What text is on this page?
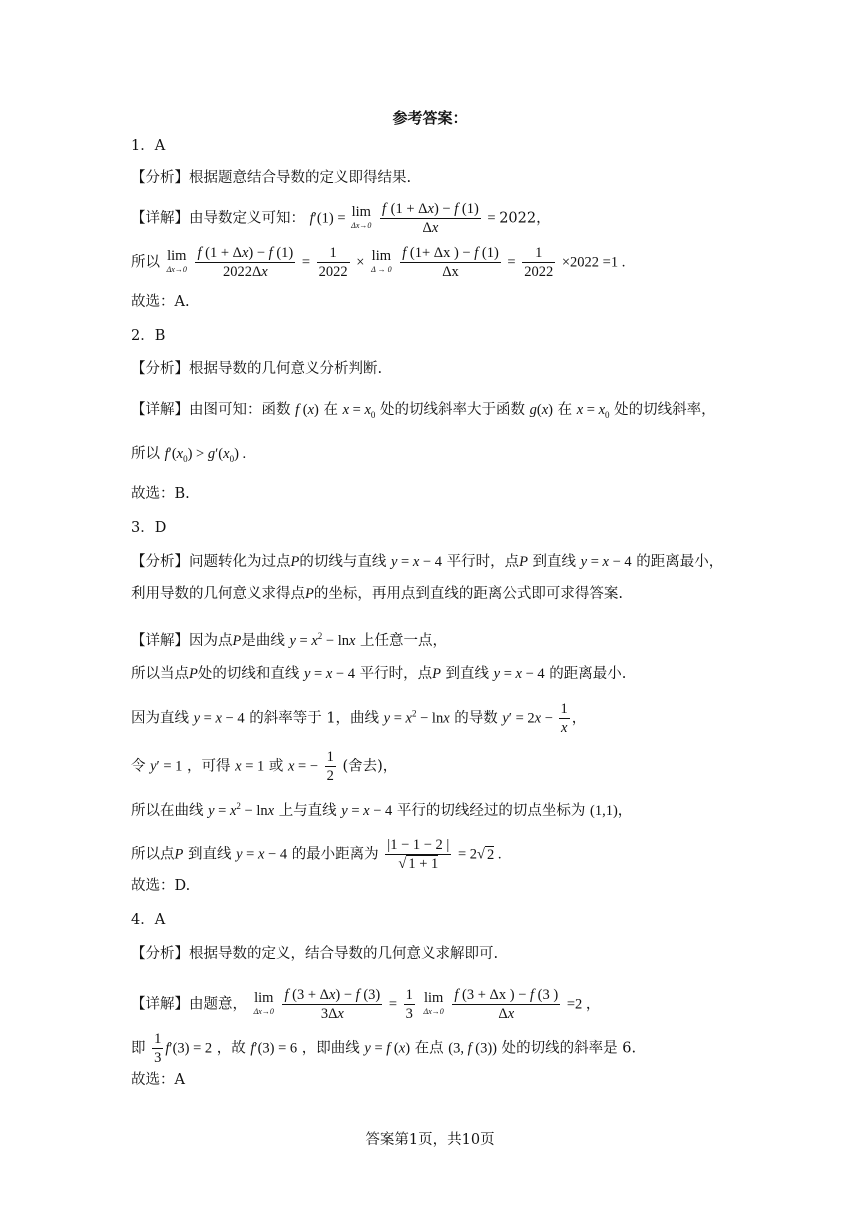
参考答案：
1．A
【分析】根据题意结合导数的定义即得结果.
【详解】由导数定义可知： f′(1) = lim
Δx→0
$\frac{f (1 + \Delta x) - f (1)}{\Delta x} = 2022$，
所以 lim
Δx→0
$\frac{f (1 + \Delta x) - f (1)}{2022\Delta x} = \frac{1}{2022} \times \lim$
Δ → 0
$\frac{f (1+ \Delta x ) - f (1)}{\Delta x} = \frac{1}{2022} \times 2022 =1$ .
故选：A.
2．B
【分析】根据导数的几何意义分析判断.
【详解】由图可知：函数 f (x) 在 $x = x_0$ 处的切线斜率大于函数 g(x) 在 $x = x_0$ 处的切线斜率，
所以 $f'(x_0) > g'(x_0)$ .
故选：B.
3．D
【分析】问题转化为过点P的切线与直线 y = x − 4 平行时，点P 到直线 y = x − 4 的距离最小，
利用导数的几何意义求得点P的坐标，再用点到直线的距离公式即可求得答案.
【详解】因为点P是曲线 $y = x^2 - \ln x$ 上任意一点，
所以当点P处的切线和直线 y = x − 4 平行时，点P 到直线 y = x − 4 的距离最小.
因为直线 y = x − 4 的斜率等于 1，曲线 $y = x^2 - \ln x$ 的导数 $y' = 2x - \frac{1}{x}$ ，
令 y′ = 1 ，可得 x = 1 或 x = − $\frac{1}{2}$ (舍去)，
所以在曲线 $y = x^2 - \ln x$ 上与直线 y = x − 4 平行的切线经过的切点坐标为 (1,1)，
所以点P 到直线 y = x − 4 的最小距离为 $\frac{|1 - 1 - 2 |}{√ 1 + 1} = 2√$ 2 .
故选：D.
4．A
【分析】根据导数的定义，结合导数的几何意义求解即可.
【详解】由题意， lim
Δx→0
$\frac{f (3 + \Delta x) - f (3)}{3\Delta x} = \frac{1}{3}$
lim
Δx→0
$\frac{f (3 + \Delta x ) - f (3 )}{\Delta x} =2$ ，
即 $\frac{1}{3} f'(3) = 2$ ，故 f′(3) = 6 ，即曲线 y = f (x) 在点 (3, f (3)) 处的切线的斜率是 6.
故选：A
答案第1页，共10页
